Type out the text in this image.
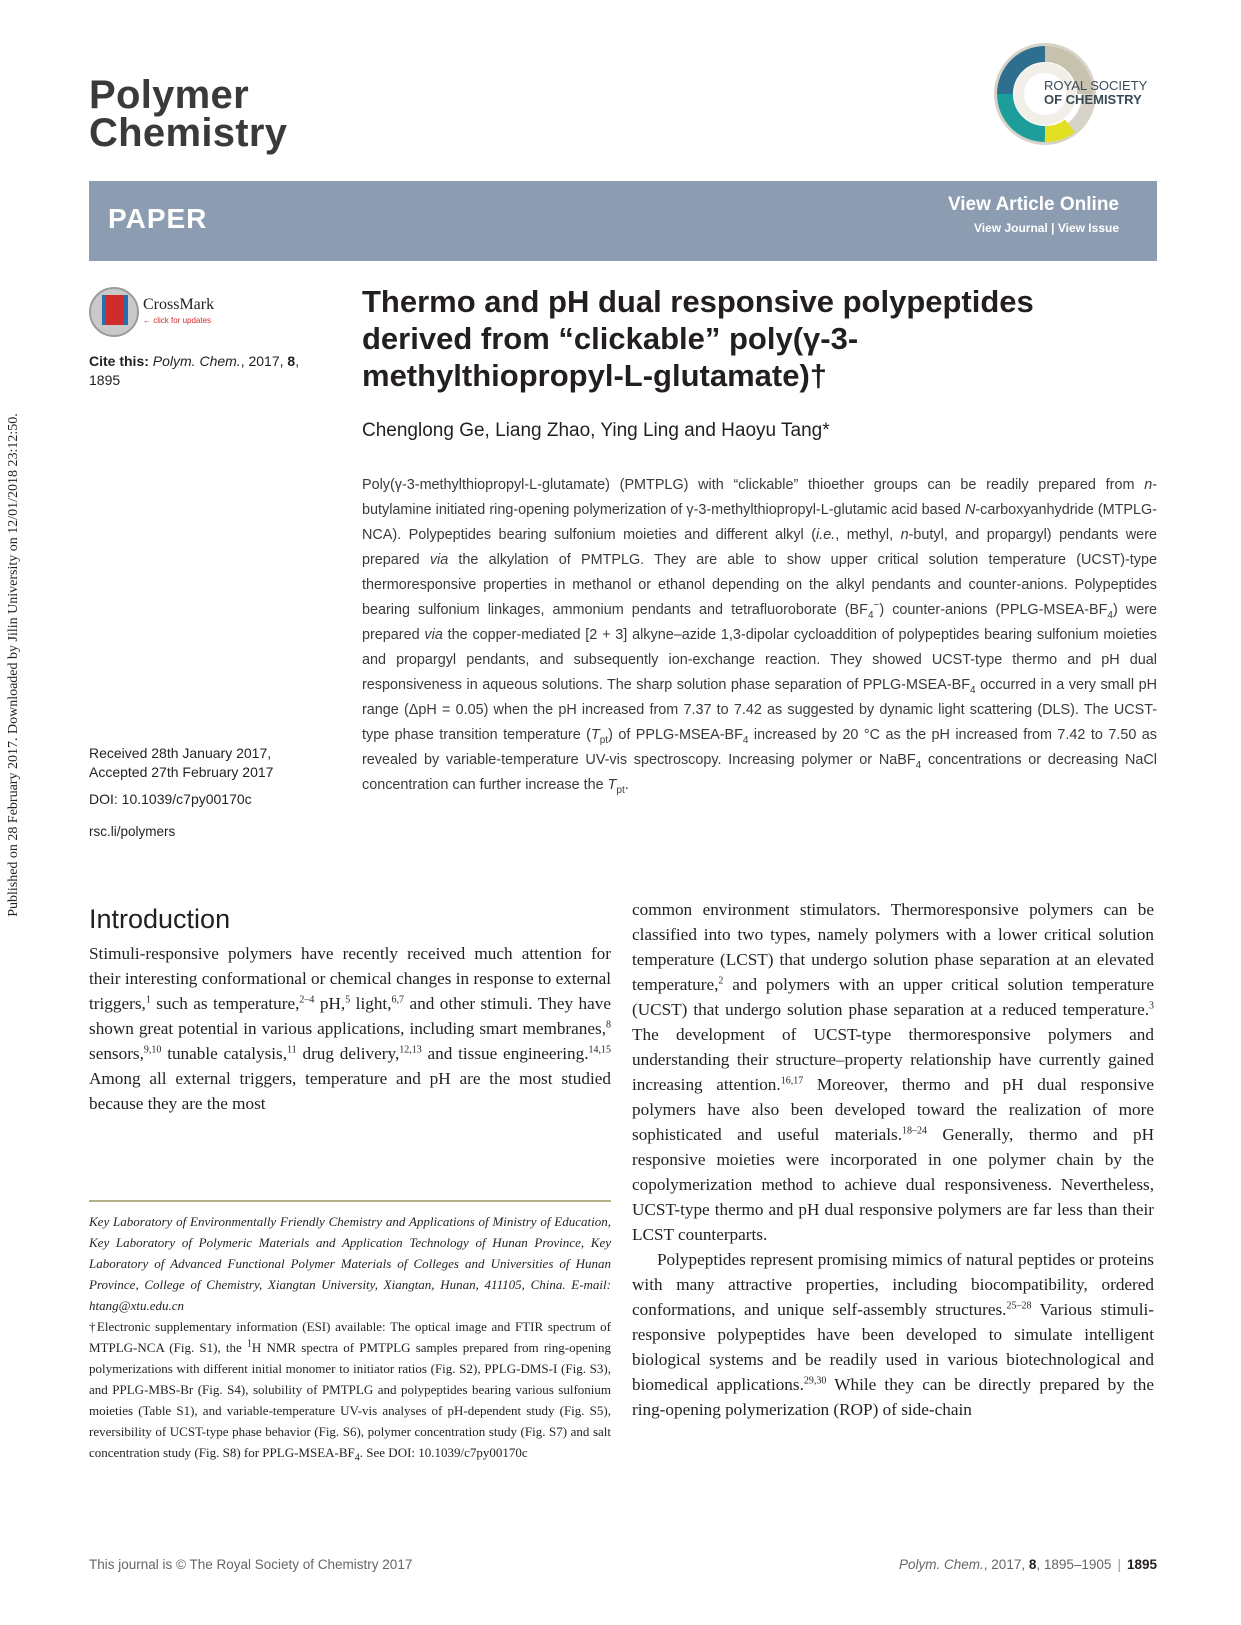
Published on 28 February 2017. Downloaded by Jilin University on 12/01/2018 23:12:50.
Polymer
Chemistry
ROYAL SOCIETY
OF CHEMISTRY
PAPER	View Article Online
View Journal | View Issue
CrossMark
← click for updates
Cite this: Polym. Chem., 2017, 8,
1895
Received 28th January 2017,
Accepted 27th February 2017
DOI: 10.1039/c7py00170c
rsc.li/polymers
Thermo and pH dual responsive polypeptides derived from “clickable” poly(γ-3-methylthiopropyl-L-glutamate)†
Chenglong Ge, Liang Zhao, Ying Ling and Haoyu Tang*
Poly(γ-3-methylthiopropyl-L-glutamate) (PMTPLG) with “clickable” thioether groups can be readily prepared from n-butylamine initiated ring-opening polymerization of γ-3-methylthiopropyl-L-glutamic acid based N-carboxyanhydride (MTPLG-NCA). Polypeptides bearing sulfonium moieties and different alkyl (i.e., methyl, n-butyl, and propargyl) pendants were prepared via the alkylation of PMTPLG. They are able to show upper critical solution temperature (UCST)-type thermoresponsive properties in methanol or ethanol depending on the alkyl pendants and counter-anions. Polypeptides bearing sulfonium linkages, ammonium pendants and tetrafluoroborate $(BF_4^-)$ counter-anions $(PPLG-MSEA-BF_4)$ were prepared via the copper-mediated [2 + 3] alkyne–azide 1,3-dipolar cycloaddition of polypeptides bearing sulfonium moieties and propargyl pendants, and subsequently ion-exchange reaction. They showed UCST-type thermo and pH dual responsiveness in aqueous solutions. The sharp solution phase separation of PPLG-$MSEA-BF_4$ occurred in a very small pH range (ΔpH = 0.05) when the pH increased from 7.37 to 7.42 as suggested by dynamic light scattering (DLS). The UCST-type phase transition temperature $(T_{pt})$ of PPLG-$MSEA-BF_4$ increased by 20 °C as the pH increased from 7.42 to 7.50 as revealed by variable-temperature UV-vis spectroscopy. Increasing polymer or NaBF$_4$ concentrations or decreasing NaCl concentration can further increase the $T_{pt}$.
Introduction

Stimuli-responsive polymers have recently received much attention for their interesting conformational or chemical changes in response to external triggers,$^1$ such as temperature,$^{2-4}$ pH,$^5$ light,$^{6,7}$ and other stimuli. They have shown great potential in various applications, including smart membranes,$^8$ sensors,$^{9,10}$ tunable catalysis,$^{11}$ drug delivery,$^{12,13}$ and tissue engineering.$^{14,15}$ Among all external triggers, temperature and pH are the most studied because they are the most

Key Laboratory of Environmentally Friendly Chemistry and Applications of Ministry of Education, Key Laboratory of Polymeric Materials and Application Technology of Hunan Province, Key Laboratory of Advanced Functional Polymer Materials of Colleges and Universities of Hunan Province, College of Chemistry, Xiangtan University, Xiangtan, Hunan, 411105, China. E-mail: htang@xtu.edu.cn
†Electronic supplementary information (ESI) available: The optical image and FTIR spectrum of MTPLG-NCA (Fig. S1), the $^1$H NMR spectra of PMTPLG samples prepared from ring-opening polymerizations with different initial monomer to initiator ratios (Fig. S2), PPLG-DMS-I (Fig. S3), and PPLG-MBS-Br (Fig. S4), solubility of PMTPLG and polypeptides bearing various sulfonium moieties (Table S1), and variable-temperature UV-vis analyses of pH-dependent study (Fig. S5), reversibility of UCST-type phase behavior (Fig. S6), polymer concentration study (Fig. S7) and salt concentration study (Fig. S8) for PPLG-$MSEA-BF_4$. See DOI: 10.1039/c7py00170c

common environment stimulators. Thermoresponsive polymers can be classified into two types, namely polymers with a lower critical solution temperature (LCST) that undergo solution phase separation at an elevated temperature,$^2$ and polymers with an upper critical solution temperature (UCST) that undergo solution phase separation at a reduced temperature.$^3$ The development of UCST-type thermoresponsive polymers and understanding their structure–property relationship have currently gained increasing attention.$^{16,17}$ Moreover, thermo and pH dual responsive polymers have also been developed toward the realization of more sophisticated and useful materials.$^{18-24}$ Generally, thermo and pH responsive moieties were incorporated in one polymer chain by the copolymerization method to achieve dual responsiveness. Nevertheless, UCST-type thermo and pH dual responsive polymers are far less than their LCST counterparts.

Polypeptides represent promising mimics of natural peptides or proteins with many attractive properties, including biocompatibility, ordered conformations, and unique self-assembly structures.$^{25-28}$ Various stimuli-responsive polypeptides have been developed to simulate intelligent biological systems and be readily used in various biotechnological and biomedical applications.$^{29,30}$ While they can be directly prepared by the ring-opening polymerization (ROP) of side-chain

This journal is © The Royal Society of Chemistry 2017	Polym. Chem., 2017, 8, 1895–1905 | 1895
